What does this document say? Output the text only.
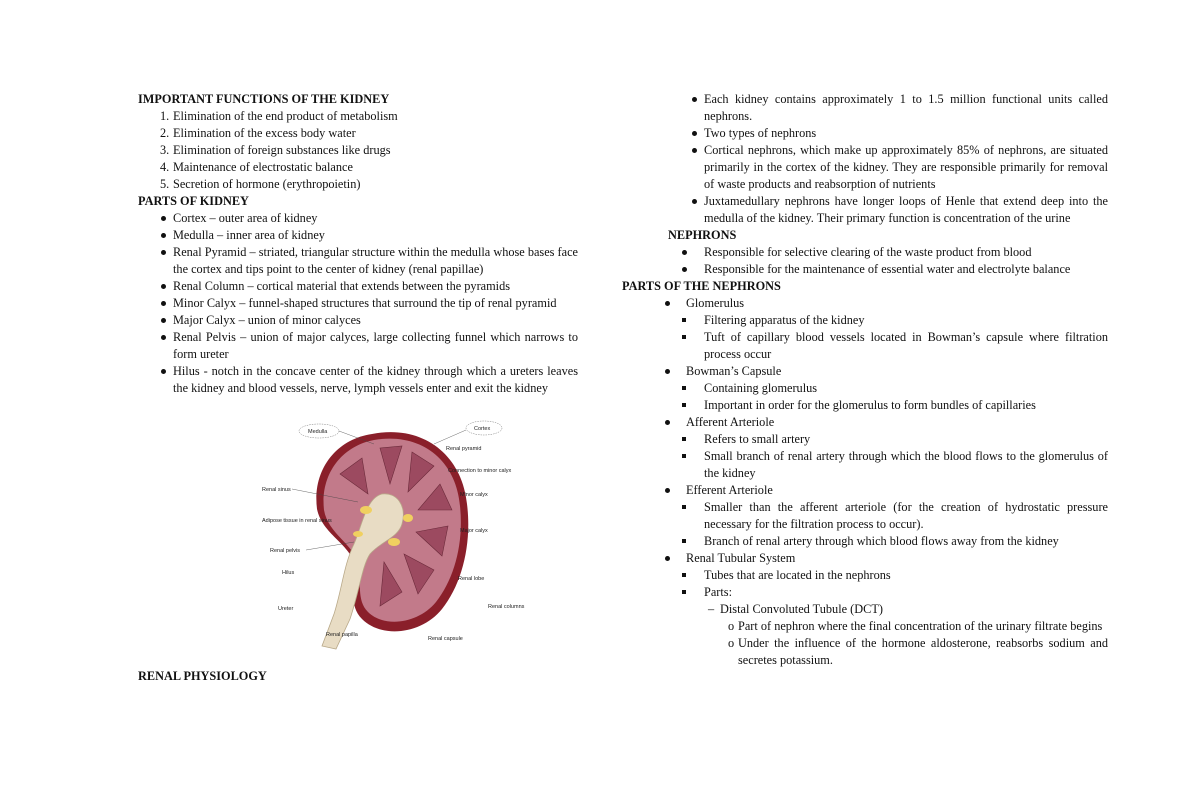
IMPORTANT FUNCTIONS OF THE KIDNEY

1. Elimination of the end product of metabolism
2. Elimination of the excess body water
3. Elimination of foreign substances like drugs
4. Maintenance of electrostatic balance
5. Secretion of hormone (erythropoietin)

PARTS OF KIDNEY

Cortex – outer area of kidney
Medulla – inner area of kidney
Renal Pyramid – striated, triangular structure within the medulla whose bases face the cortex and tips point to the center of kidney (renal papillae)
Renal Column – cortical material that extends between the pyramids
Minor Calyx – funnel-shaped structures that surround the tip of renal pyramid
Major Calyx – union of minor calyces
Renal Pelvis – union of major calyces, large collecting funnel which narrows to form ureter
Hilus - notch in the concave center of the kidney through which a ureters leaves the kidney and blood vessels, nerve, lymph vessels enter and exit the kidney
Medulla	Cortex
Renal pyramid
Connection to minor calyx
Renal sinus
Minor calyx
Adipose tissue in renal sinus
Major calyx
Renal pelvis
Hilus
Renal lobe
Ureter	Renal columns
Renal papilla
Renal capsule
RENAL PHYSIOLOGY
Each kidney contains approximately 1 to 1.5 million functional units called nephrons.
Two types of nephrons
Cortical nephrons, which make up approximately 85% of nephrons, are situated primarily in the cortex of the kidney. They are responsible primarily for removal of waste products and reabsorption of nutrients
Juxtamedullary nephrons have longer loops of Henle that extend deep into the medulla of the kidney. Their primary function is concentration of the urine

NEPHRONS

Responsible for selective clearing of the waste product from blood
Responsible for the maintenance of essential water and electrolyte balance

PARTS OF THE NEPHRONS

Glomerulus
Filtering apparatus of the kidney
Tuft of capillary blood vessels located in Bowman’s capsule where filtration process occur
Bowman’s Capsule
Containing glomerulus
Important in order for the glomerulus to form bundles of capillaries
Afferent Arteriole
Refers to small artery
Small branch of renal artery through which the blood flows to the glomerulus of the kidney
Efferent Arteriole
Smaller than the afferent arteriole (for the creation of hydrostatic pressure necessary for the filtration process to occur).
Branch of renal artery through which blood flows away from the kidney
Renal Tubular System
Tubes that are located in the nephrons
Parts:
– Distal Convoluted Tubule (DCT)
o Part of nephron where the final concentration of the urinary filtrate begins
o Under the influence of the hormone aldosterone, reabsorbs sodium and secretes potassium.
